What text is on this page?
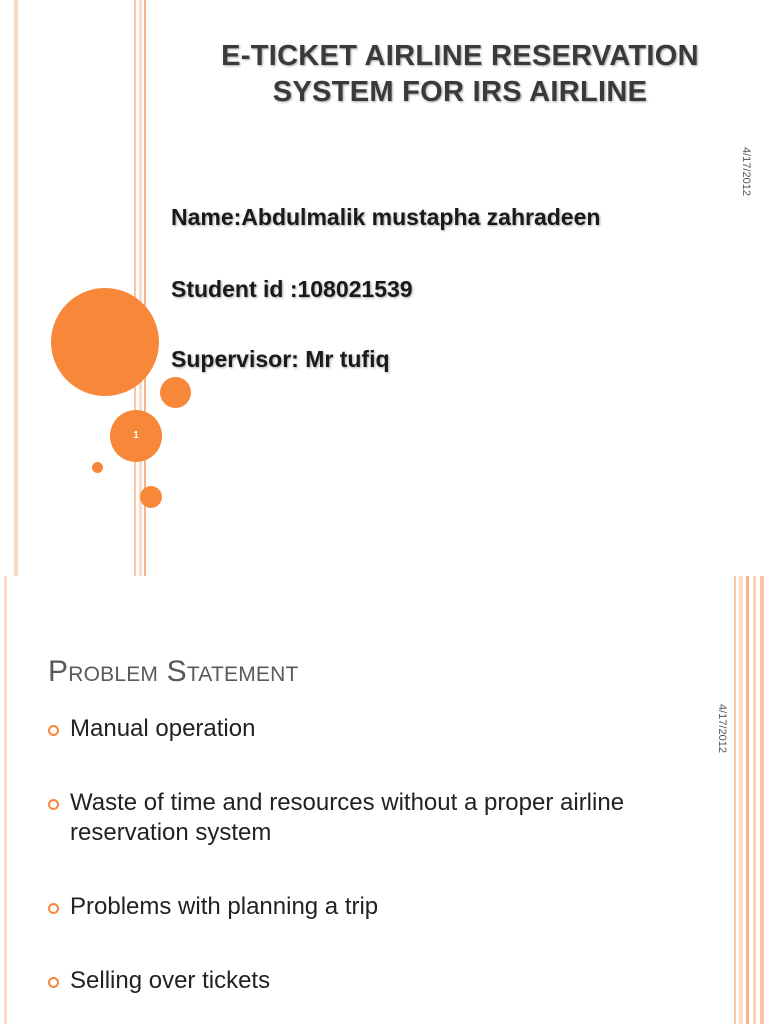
E-TICKET AIRLINE RESERVATION
SYSTEM FOR IRS AIRLINE
4/17/2012
Name:Abdulmalik mustapha zahradeen
Student id :108021539
Supervisor: Mr tufiq
1
Problem Statement
4/17/2012
Manual operation
Waste of time and resources without a proper airline reservation system
Problems with planning a trip
Selling over tickets
